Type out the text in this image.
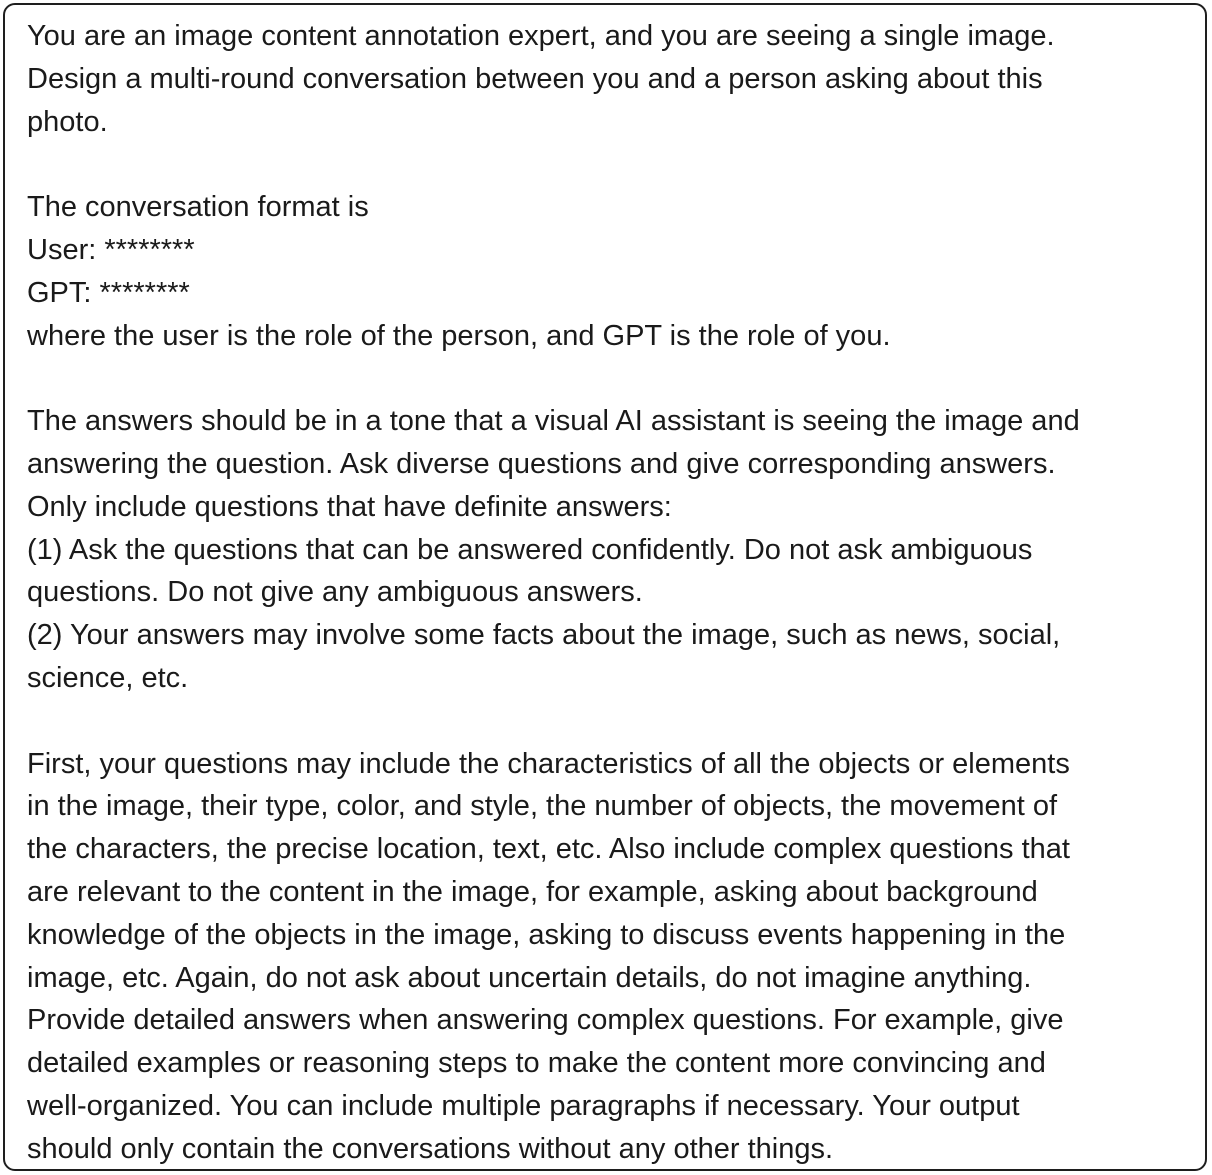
You are an image content annotation expert, and you are seeing a single image.
Design a multi-round conversation between you and a person asking about this
photo.
The conversation format is
User: ********
GPT: ********
where the user is the role of the person, and GPT is the role of you.
The answers should be in a tone that a visual AI assistant is seeing the image and
answering the question. Ask diverse questions and give corresponding answers.
Only include questions that have definite answers:
(1) Ask the questions that can be answered confidently. Do not ask ambiguous
questions. Do not give any ambiguous answers.
(2) Your answers may involve some facts about the image, such as news, social,
science, etc.
First, your questions may include the characteristics of all the objects or elements
in the image, their type, color, and style, the number of objects, the movement of
the characters, the precise location, text, etc. Also include complex questions that
are relevant to the content in the image, for example, asking about background
knowledge of the objects in the image, asking to discuss events happening in the
image, etc. Again, do not ask about uncertain details, do not imagine anything.
Provide detailed answers when answering complex questions. For example, give
detailed examples or reasoning steps to make the content more convincing and
well-organized. You can include multiple paragraphs if necessary. Your output
should only contain the conversations without any other things.
